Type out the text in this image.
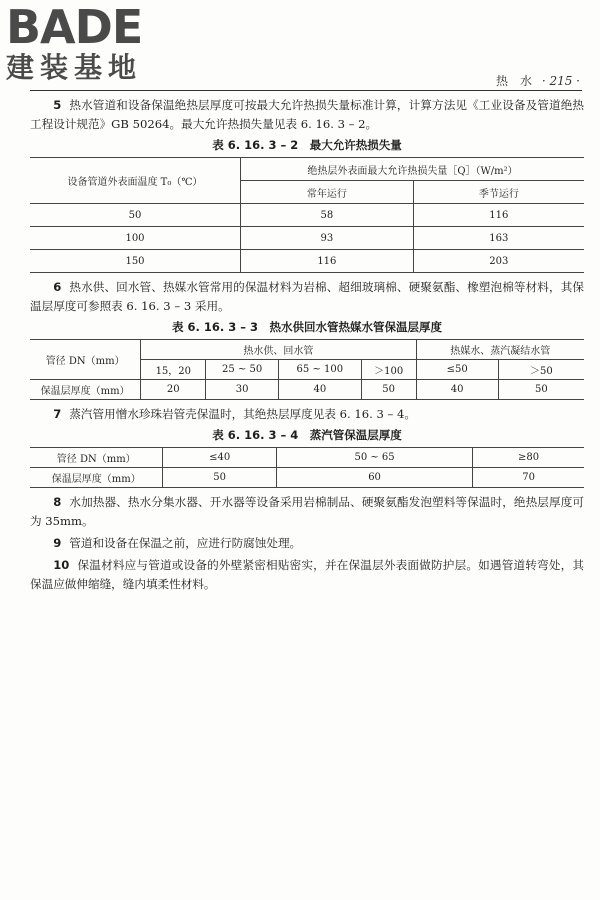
BADE
建装基地	热　水 · 215 ·

5 热水管道和设备保温绝热层厚度可按最大允许热损失量标准计算，计算方法见《工业设备及管道绝热工程设计规范》GB 50264。最大允许热损失量见表 6. 16. 3 – 2。

表 6. 16. 3 – 2　最大允许热损失量
设备管道外表面温度 T₀（℃）	绝热层外表面最大允许热损失量［Q］（W/m²）	
	常年运行	季节运行
50	58	116
100	93	163
150	116	203

6 热水供、回水管、热媒水管常用的保温材料为岩棉、超细玻璃棉、硬聚氨酯、橡塑泡棉等材料，其保温层厚度可参照表 6. 16. 3 – 3 采用。

表 6. 16. 3 – 3　热水供回水管热媒水管保温层厚度
管径 DN（mm）	热水供、回水管				热媒水、蒸汽凝结水管	
	15，20	25 ~ 50	65 ~ 100	＞100	≤50	＞50
保温层厚度（mm）	20	30	40	50	40	50

7 蒸汽管用憎水珍珠岩管壳保温时，其绝热层厚度见表 6. 16. 3 – 4。

表 6. 16. 3 – 4　蒸汽管保温层厚度
管径 DN（mm）	≤40	50 ~ 65	≥80
保温层厚度（mm）	50	60	70

8 水加热器、热水分集水器、开水器等设备采用岩棉制品、硬聚氨酯发泡塑料等保温时，绝热层厚度可为 35mm。

9 管道和设备在保温之前，应进行防腐蚀处理。

10 保温材料应与管道或设备的外壁紧密相贴密实，并在保温层外表面做防护层。如遇管道转弯处，其保温应做伸缩缝，缝内填柔性材料。
